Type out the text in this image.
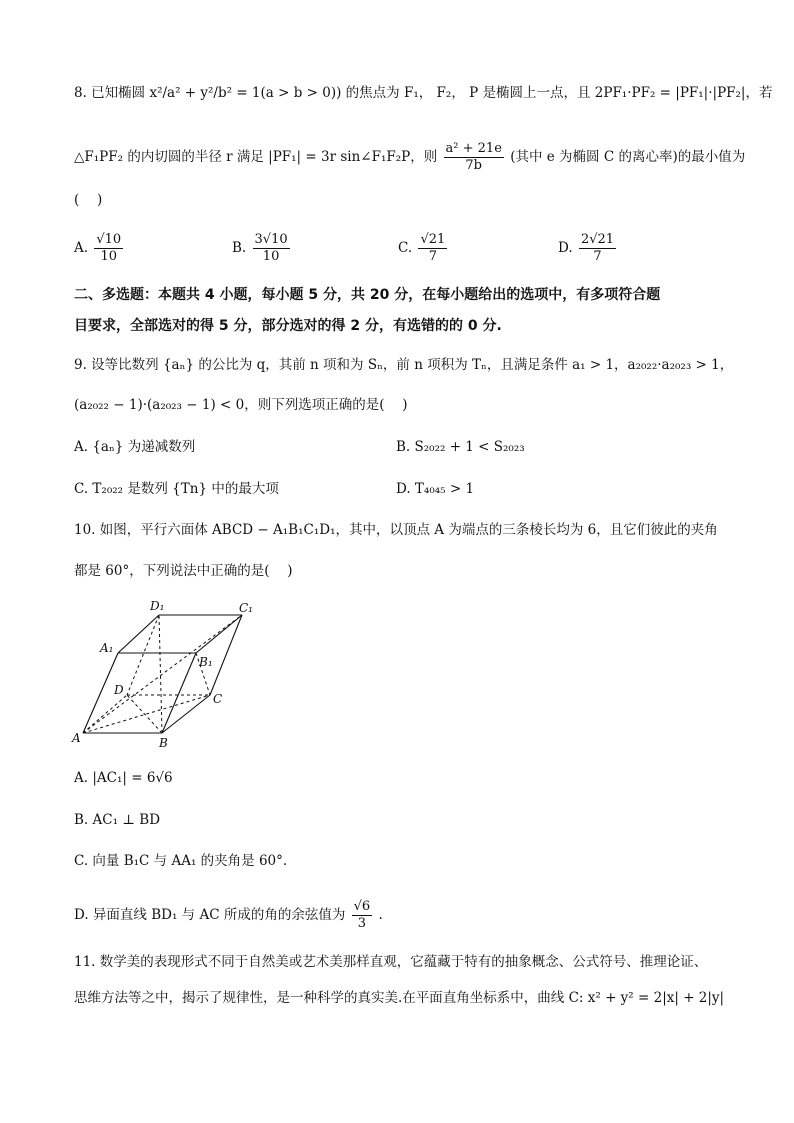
8. 已知椭圆 x²/a² + y²/b² = 1(a > b > 0)) 的焦点为 F₁， F₂， P 是椭圆上一点，且 2PF₁·PF₂ = |PF₁|·|PF₂|，若
△F₁PF₂ 的内切圆的半径 r 满足 |PF₁| = 3r sin∠F₁F₂P，则 $\frac{\text{a² + 21e}}{7b}$ (其中 e 为椭圆 C 的离心率)的最小值为
(　 )
A. $\frac{√10}{10}$	B. $\frac{3√10}{10}$	C. $\frac{√21}{7}$	D. $\frac{2√21}{7}$
二、多选题：本题共 4 小题，每小题 5 分，共 20 分，在每小题给出的选项中，有多项符合题
目要求，全部选对的得 5 分，部分选对的得 2 分，有选错的的 0 分.
9. 设等比数列 {aₙ} 的公比为 q，其前 n 项和为 Sₙ，前 n 项积为 Tₙ，且满足条件 a₁ > 1，a₂₀₂₂·a₂₀₂₃ > 1，
(a₂₀₂₂ − 1)·(a₂₀₂₃ − 1) < 0，则下列选项正确的是(　 )
A. {aₙ} 为递减数列	B. S₂₀₂₂ + 1 < S₂₀₂₃
C. T₂₀₂₂ 是数列 {Tn} 中的最大项	D. T₄₀₄₅ > 1
10. 如图，平行六面体 ABCD − A₁B₁C₁D₁，其中，以顶点 A 为端点的三条棱长均为 6，且它们彼此的夹角
都是 60°，下列说法中正确的是(　 )
D₁	C₁
A₁
B₁
D
C
A	B
A. |AC₁| = 6√6
B. AC₁ ⊥ BD
C. 向量 B₁C 与 AA₁ 的夹角是 60°.
D. 异面直线 BD₁ 与 AC 所成的角的余弦值为 $\frac{√6}{3}$ .
11. 数学美的表现形式不同于自然美或艺术美那样直观，它蕴藏于特有的抽象概念、公式符号、推理论证、
思维方法等之中，揭示了规律性，是一种科学的真实美.在平面直角坐标系中，曲线 C: x² + y² = 2|x| + 2|y|
